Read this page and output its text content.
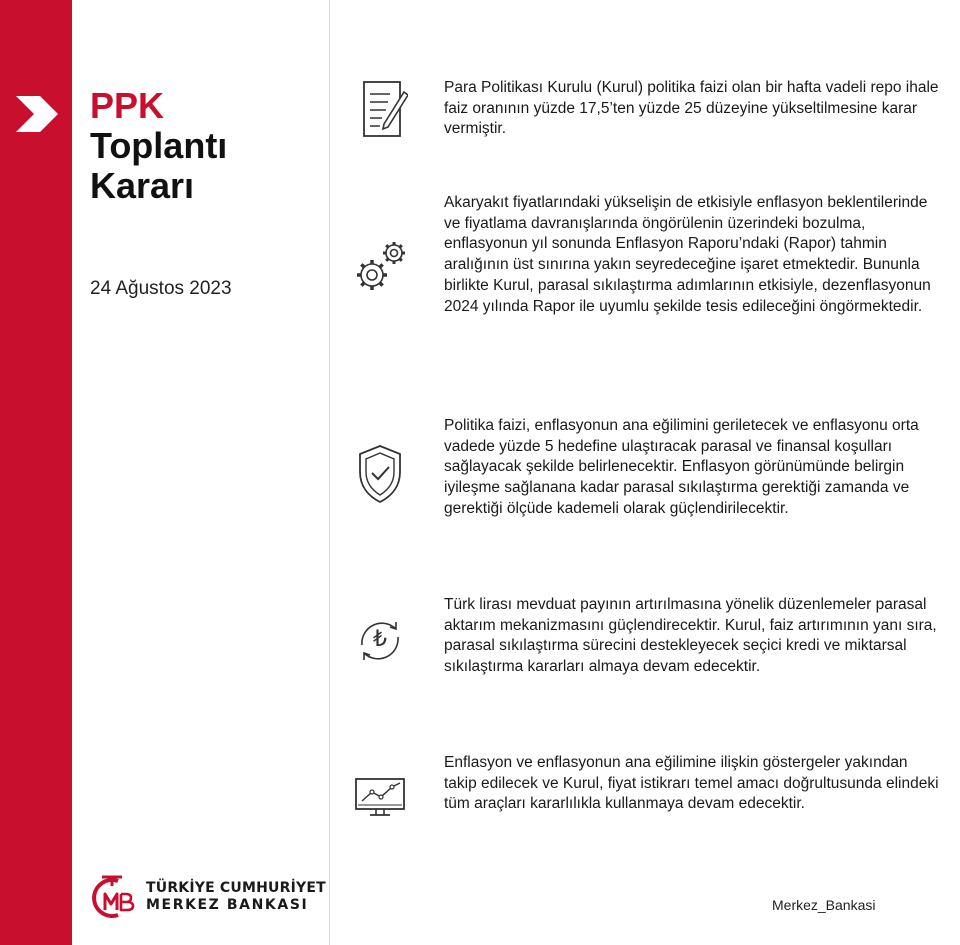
PPK
Toplantı
Kararı
24 Ağustos 2023
TÜRKİYE CUMHURİYET
MERKEZ BANKASI
Para Politikası Kurulu (Kurul) politika faizi olan bir hafta vadeli repo ihale faiz oranının yüzde 17,5’ten yüzde 25 düzeyine yükseltilmesine karar vermiştir.
Akaryakıt fiyatlarındaki yükselişin de etkisiyle enflasyon beklentilerinde ve fiyatlama davranışlarında öngörülenin üzerindeki bozulma, enflasyonun yıl sonunda Enflasyon Raporu’ndaki (Rapor) tahmin aralığının üst sınırına yakın seyredeceğine işaret etmektedir. Bununla birlikte Kurul, parasal sıkılaştırma adımlarının etkisiyle, dezenflasyonun 2024 yılında Rapor ile uyumlu şekilde tesis edileceğini öngörmektedir.
Politika faizi, enflasyonun ana eğilimini geriletecek ve enflasyonu orta vadede yüzde 5 hedefine ulaştıracak parasal ve finansal koşulları sağlayacak şekilde belirlenecektir. Enflasyon görünümünde belirgin iyileşme sağlanana kadar parasal sıkılaştırma gerektiği zamanda ve gerektiği ölçüde kademeli olarak güçlendirilecektir.
₺
Türk lirası mevduat payının artırılmasına yönelik düzenlemeler parasal aktarım mekanizmasını güçlendirecektir. Kurul, faiz artırımının yanı sıra, parasal sıkılaştırma sürecini destekleyecek seçici kredi ve miktarsal sıkılaştırma kararları almaya devam edecektir.
Enflasyon ve enflasyonun ana eğilimine ilişkin göstergeler yakından takip edilecek ve Kurul, fiyat istikrarı temel amacı doğrultusunda elindeki tüm araçları kararlılıkla kullanmaya devam edecektir.
Merkez_Bankasi
